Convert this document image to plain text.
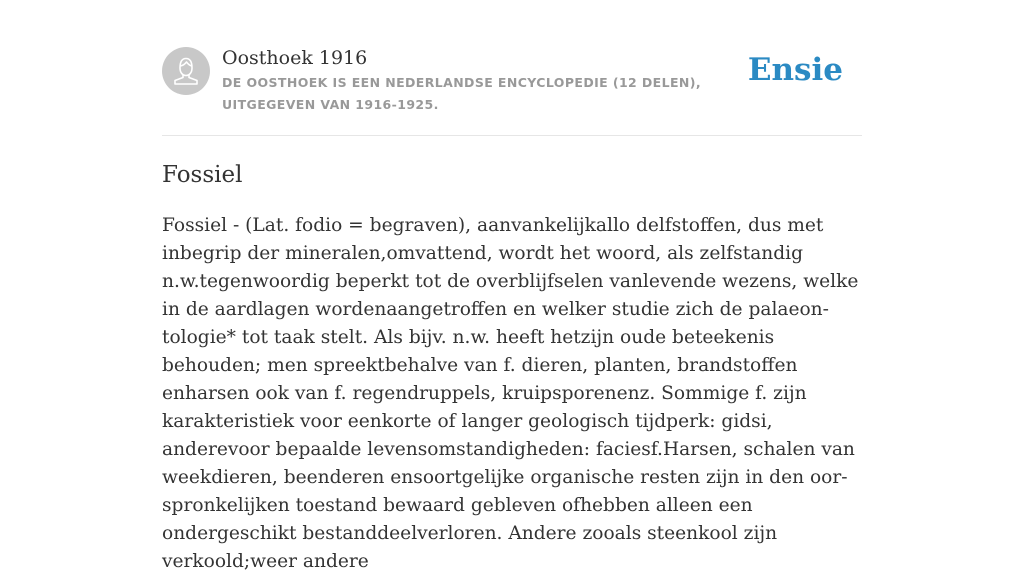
Oosthoek 1916
DE OOSTHOEK IS EEN NEDERLANDSE ENCYCLOPEDIE (12 DELEN), UITGEGEVEN VAN 1916-1925.
Ensie
Fossiel

Fossiel - (Lat. fodio = begraven), aanvankelijkallo delfstoffen, dus met inbegrip der mineralen,omvattend, wordt het woord, als zelfstandig n.w.tegenwoordig beperkt tot de overblijfselen vanlevende wezens, welke in de aardlagen wordenaangetroffen en welker studie zich de palaeon-tologie* tot taak stelt. Als bijv. n.w. heeft hetzijn oude beteekenis behouden; men spreektbehalve van f. dieren, planten, brandstoffen enharsen ook van f. regendruppels, kruipsporenenz. Sommige f. zijn karakteristiek voor eenkorte of langer geologisch tijdperk: gidsi, anderevoor bepaalde levensomstandigheden: faciesf.Harsen, schalen van weekdieren, beenderen ensoortgelijke organische resten zijn in den oor-spronkelijken toestand bewaard gebleven ofhebben alleen een ondergeschikt bestanddeelverloren. Andere zooals steenkool zijn verkoold;weer andere
